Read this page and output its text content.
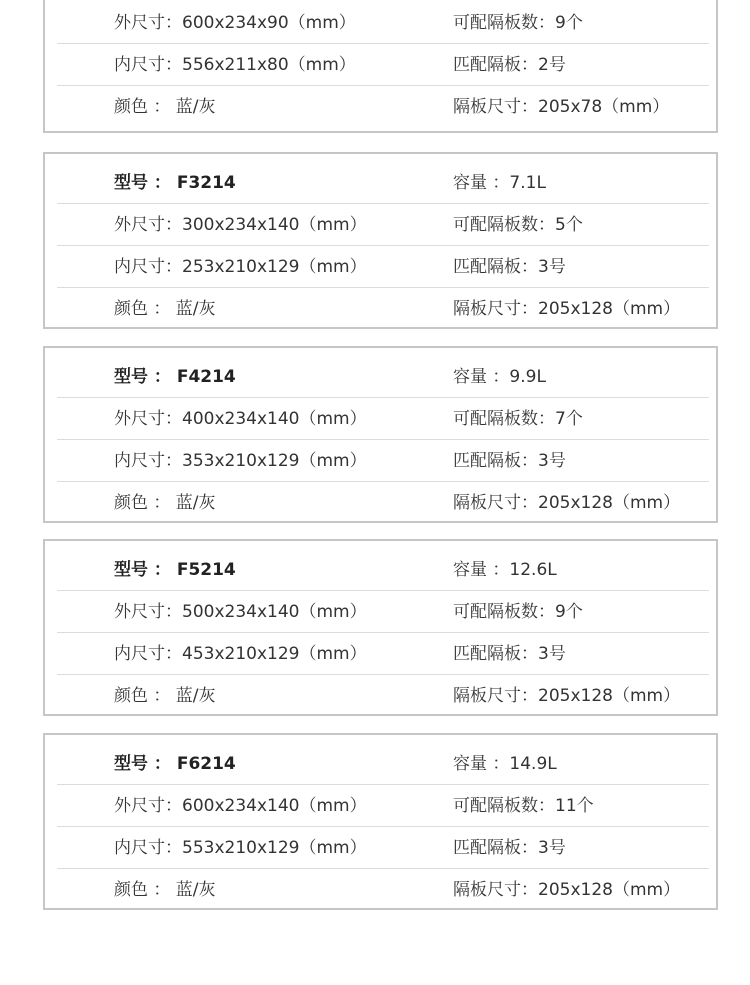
外尺寸：600x234x90（mm）	可配隔板数：9个
内尺寸：556x211x80（mm）	匹配隔板：2号
颜色 ： 蓝/灰	隔板尺寸：205x78（mm）
型号 ： F3214	容量 ：7.1L
外尺寸：300x234x140（mm）	可配隔板数：5个
内尺寸：253x210x129（mm）	匹配隔板：3号
颜色 ： 蓝/灰	隔板尺寸：205x128（mm）
型号 ： F4214	容量 ：9.9L
外尺寸：400x234x140（mm）	可配隔板数：7个
内尺寸：353x210x129（mm）	匹配隔板：3号
颜色 ： 蓝/灰	隔板尺寸：205x128（mm）
型号 ： F5214	容量 ：12.6L
外尺寸：500x234x140（mm）	可配隔板数：9个
内尺寸：453x210x129（mm）	匹配隔板：3号
颜色 ： 蓝/灰	隔板尺寸：205x128（mm）
型号 ： F6214	容量 ：14.9L
外尺寸：600x234x140（mm）	可配隔板数：11个
内尺寸：553x210x129（mm）	匹配隔板：3号
颜色 ： 蓝/灰	隔板尺寸：205x128（mm）
